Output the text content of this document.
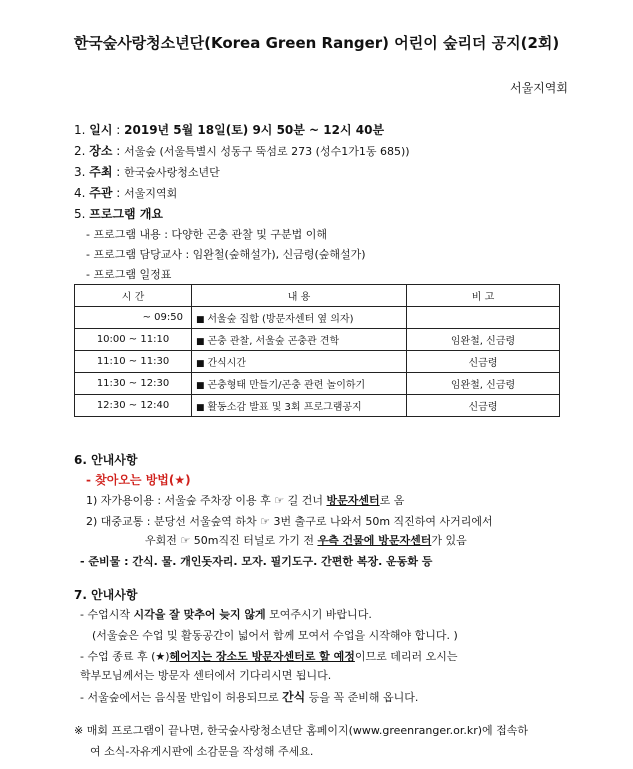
한국숲사랑청소년단(Korea Green Ranger) 어린이 숲리더 공지(2회)
서울지역회
1. 일시 : 2019년 5월 18일(토) 9시 50분 ~ 12시 40분
2. 장소 : 서울숲 (서울특별시 성동구 뚝섬로 273 (성수1가1동 685))
3. 주최 : 한국숲사랑청소년단
4. 주관 : 서울지역회
5. 프로그램 개요
- 프로그램 내용 : 다양한 곤충 관찰 및 구분법 이해
- 프로그램 담당교사 : 임완철(숲해설가), 신금령(숲해설가)
- 프로그램 일정표
시 간	내 용	비 고
~ 09:50	■ 서울숲 집합 (방문자센터 옆 의자)	
10:00 ~ 11:10	■ 곤충 관찰, 서울숲 곤충관 견학	임완철, 신금령
11:10 ~ 11:30	■ 간식시간	신금령
11:30 ~ 12:30	■ 곤충형태 만들기/곤충 관련 놀이하기	임완철, 신금령
12:30 ~ 12:40	■ 활동소감 발표 및 3회 프로그램공지	신금령
6. 안내사항
- 찾아오는 방법(★)
1) 자가용이용 : 서울숲 주차장 이용 후 ☞ 길 건너 방문자센터로 옴
2) 대중교통 : 분당선 서울숲역 하차 ☞ 3번 출구로 나와서 50m 직진하여 사거리에서
우회전 ☞ 50m직진 터널로 가기 전 우측 건물에 방문자센터가 있음
- 준비물 : 간식. 물. 개인돗자리. 모자. 필기도구. 간편한 복장. 운동화 등
7. 안내사항
- 수업시작 시각을 잘 맞추어 늦지 않게 모여주시기 바랍니다.
(서울숲은 수업 및 활동공간이 넓어서 함께 모여서 수업을 시작해야 합니다. )
- 수업 종료 후 (★)헤어지는 장소도 방문자센터로 할 예정이므로 데리러 오시는
학부모님께서는 방문자 센터에서 기다리시면 됩니다.
- 서울숲에서는 음식물 반입이 허용되므로 간식 등을 꼭 준비해 옵니다.
※ 매회 프로그램이 끝나면, 한국숲사랑청소년단 홈페이지(www.greenranger.or.kr)에 접속하
여 소식-자유게시판에 소감문을 작성해 주세요.
